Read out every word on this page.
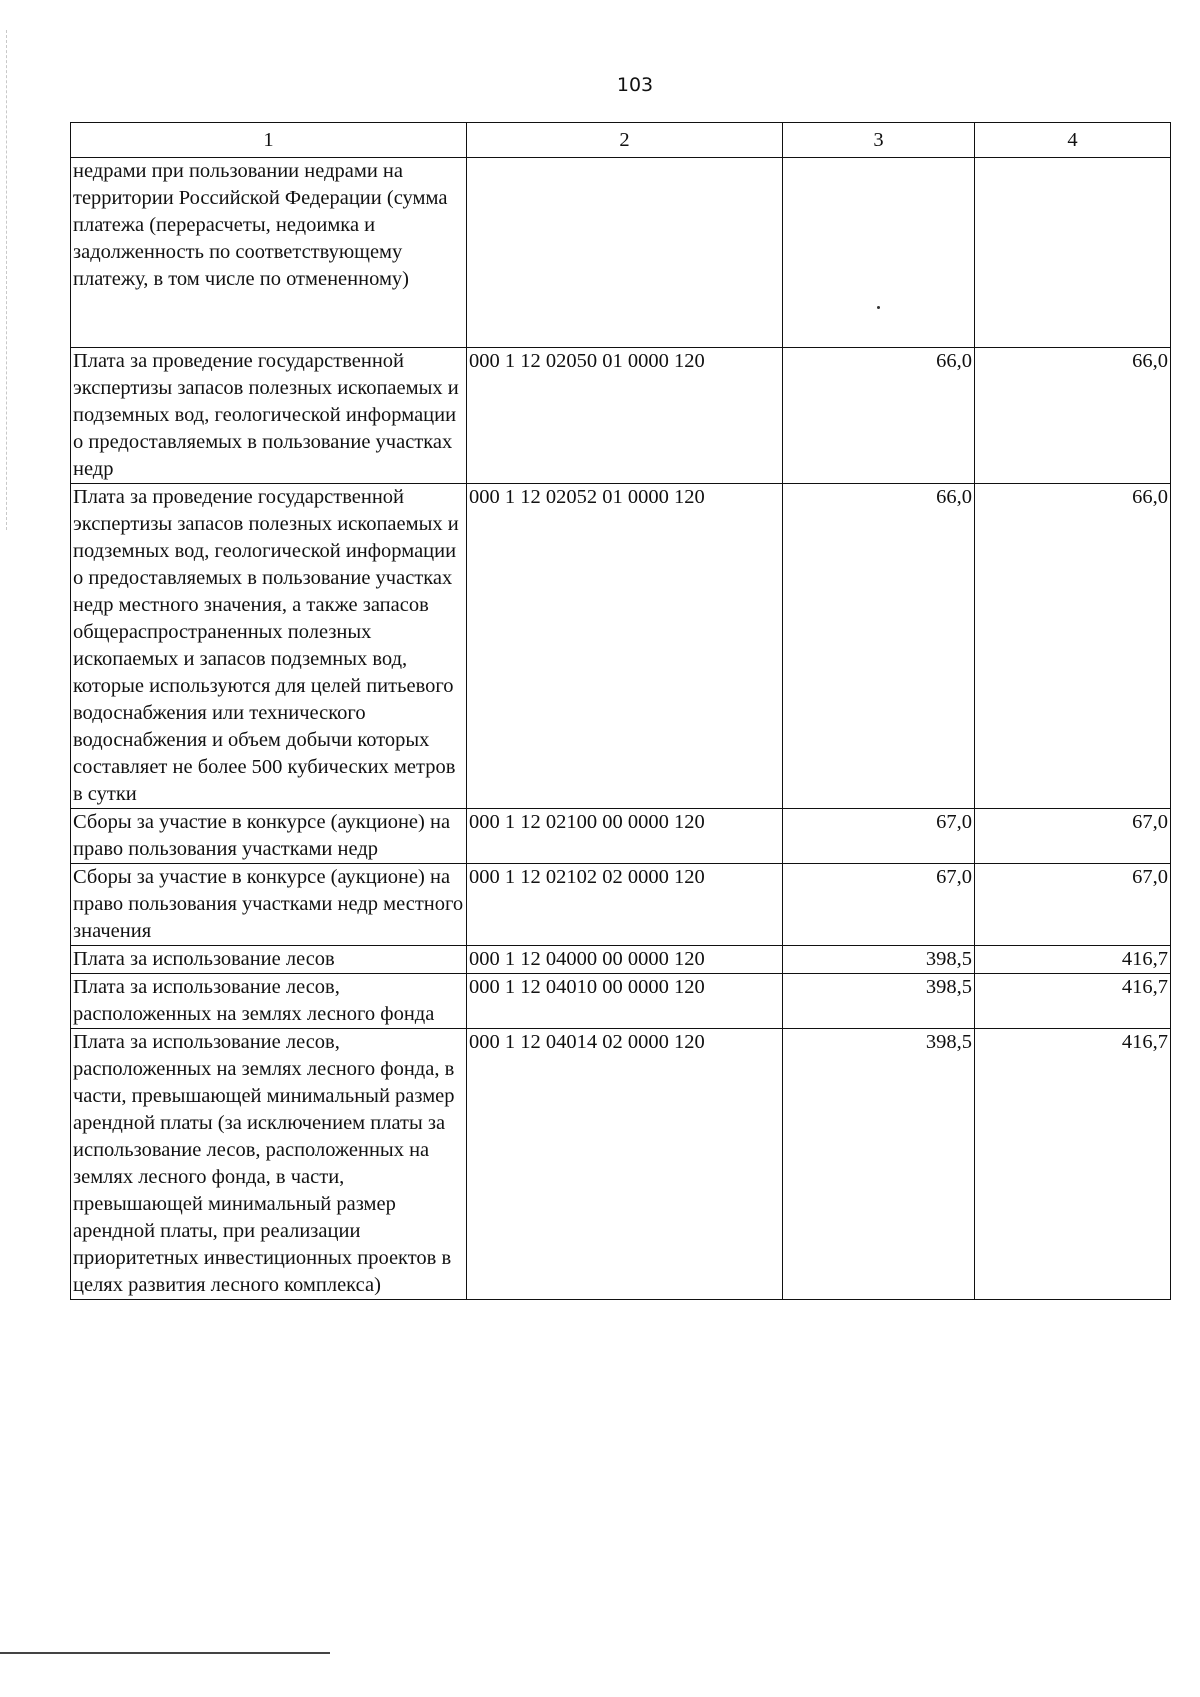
103
1	2	3	4
недрами при пользовании недрами на территории Российской Федерации (сумма платежа (перерасчеты, недоимка и задолженность по соответствующему платежу, в том числе по отмененному)			
Плата за проведение государственной экспертизы запасов полезных ископаемых и подземных вод, геологической информации о предоставляемых в пользование участках недр	000 1 12 02050 01 0000 120	66,0	66,0
Плата за проведение государственной экспертизы запасов полезных ископаемых и подземных вод, геологической информации о предоставляемых в пользование участках недр местного значения, а также запасов общераспространенных полезных ископаемых и запасов подземных вод, которые используются для целей питьевого водоснабжения или технического водоснабжения и объем добычи которых составляет не более 500 кубических метров в сутки	000 1 12 02052 01 0000 120	66,0	66,0
Сборы за участие в конкурсе (аукционе) на право пользования участками недр	000 1 12 02100 00 0000 120	67,0	67,0
Сборы за участие в конкурсе (аукционе) на право пользования участками недр местного значения	000 1 12 02102 02 0000 120	67,0	67,0
Плата за использование лесов	000 1 12 04000 00 0000 120	398,5	416,7
Плата за использование лесов, расположенных на землях лесного фонда	000 1 12 04010 00 0000 120	398,5	416,7
Плата за использование лесов, расположенных на землях лесного фонда, в части, превышающей минимальный размер арендной платы (за исключением платы за использование лесов, расположенных на землях лесного фонда, в части, превышающей минимальный размер арендной платы, при реализации приоритетных инвестиционных проектов в целях развития лесного комплекса)	000 1 12 04014 02 0000 120	398,5	416,7
